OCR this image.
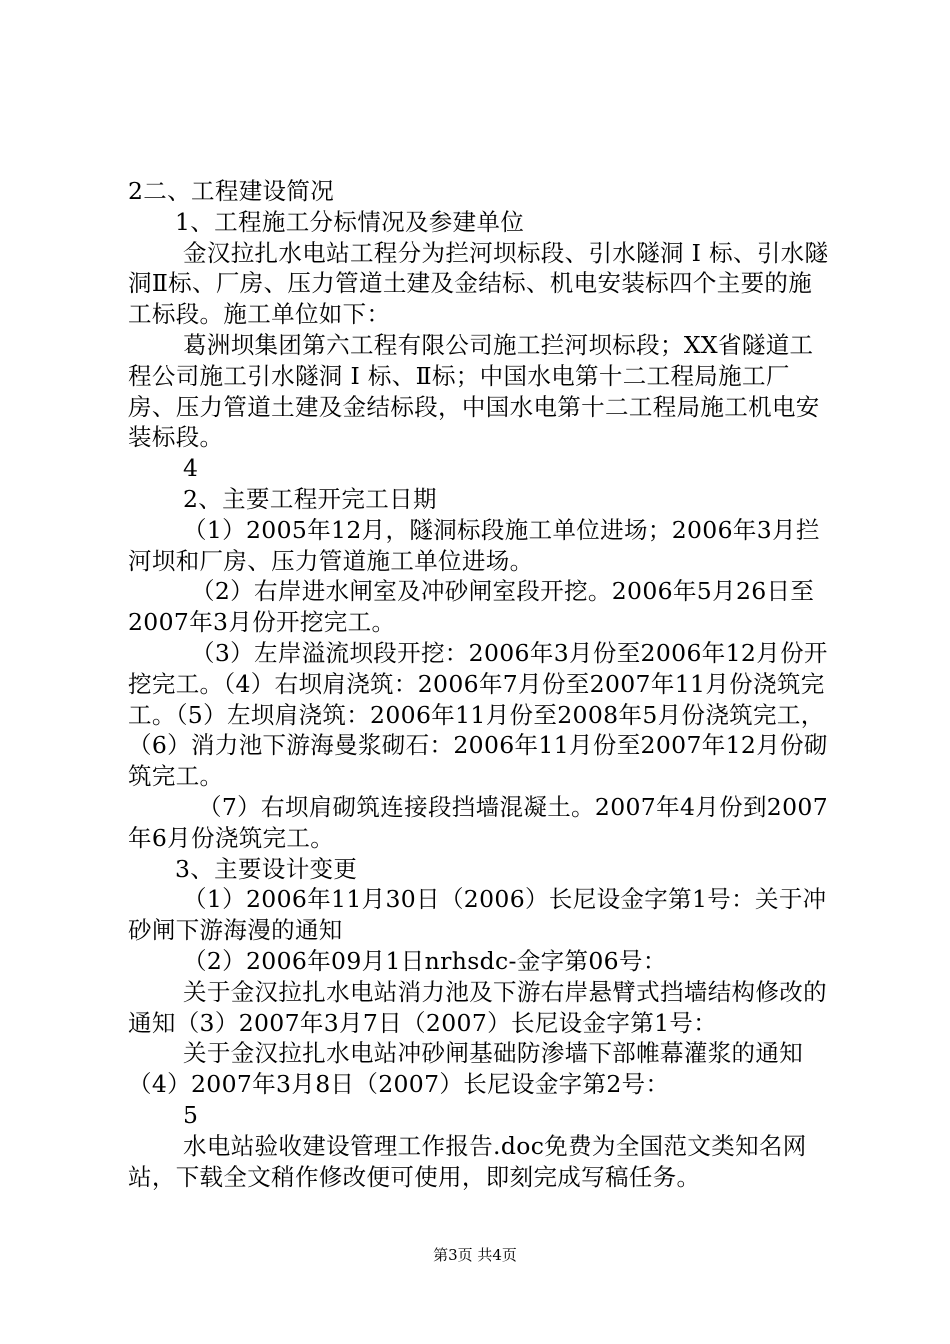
2二、工程建设简况

1、工程施工分标情况及参建单位

金汉拉扎水电站工程分为拦河坝标段、引水隧洞 I 标、引水隧洞Ⅱ标、厂房、压力管道土建及金结标、机电安装标四个主要的施工标段。施工单位如下：

葛洲坝集团第六工程有限公司施工拦河坝标段；XX省隧道工程公司施工引水隧洞 I 标、Ⅱ标；中国水电第十二工程局施工厂房、压力管道土建及金结标段，中国水电第十二工程局施工机电安装标段。

4

2、主要工程开完工日期

（1）2005年12月，隧洞标段施工单位进场；2006年3月拦河坝和厂房、压力管道施工单位进场。

（2）右岸进水闸室及冲砂闸室段开挖。2006年5月26日至2007年3月份开挖完工。

（3）左岸溢流坝段开挖：2006年3月份至2006年12月份开挖完工。（4）右坝肩浇筑：2006年7月份至2007年11月份浇筑完工。（5）左坝肩浇筑：2006年11月份至2008年5月份浇筑完工，（6）消力池下游海曼浆砌石：2006年11月份至2007年12月份砌筑完工。

（7）右坝肩砌筑连接段挡墙混凝土。2007年4月份到2007年6月份浇筑完工。

3、主要设计变更

（1）2006年11月30日（2006）长尼设金字第1号：关于冲砂闸下游海漫的通知

（2）2006年09月1日nrhsdc-金字第06号：

关于金汉拉扎水电站消力池及下游右岸悬臂式挡墙结构修改的通知（3）2007年3月7日（2007）长尼设金字第1号：

关于金汉拉扎水电站冲砂闸基础防渗墙下部帷幕灌浆的通知（4）2007年3月8日（2007）长尼设金字第2号：

5

水电站验收建设管理工作报告.doc免费为全国范文类知名网站，下载全文稍作修改便可使用，即刻完成写稿任务。

第3页 共4页
